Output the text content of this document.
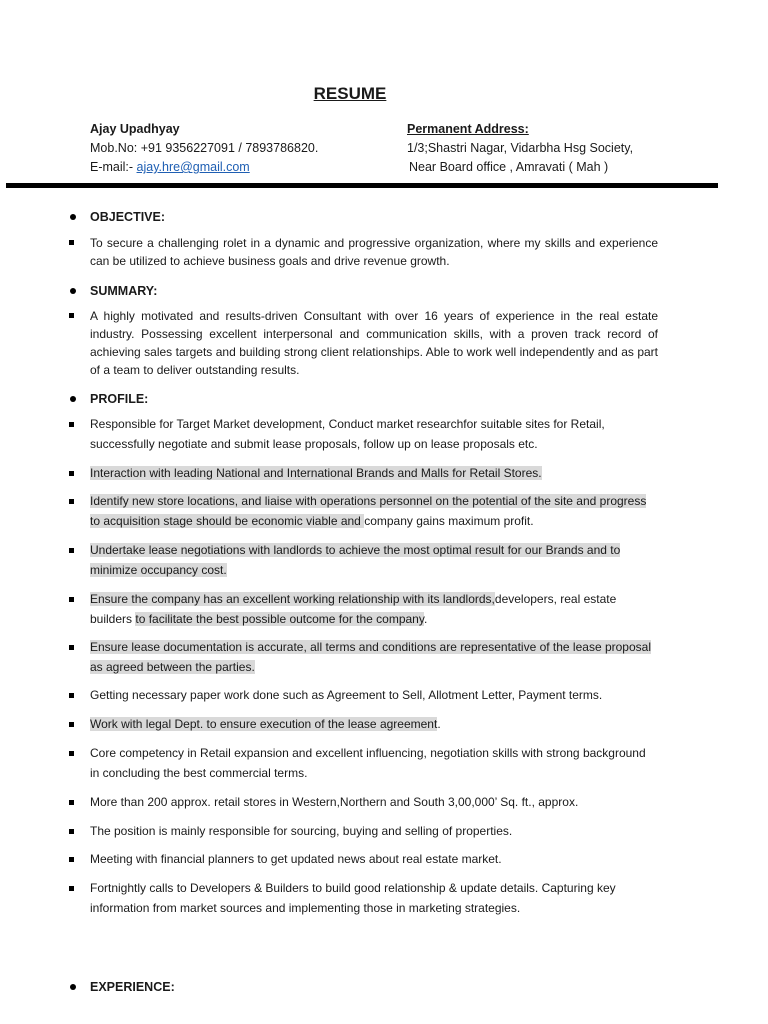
RESUME
Ajay Upadhyay
Mob.No: +91 9356227091 / 7893786820.
E-mail:- ajay.hre@gmail.com
Permanent Address:
1/3;Shastri Nagar, Vidarbha Hsg Society,
Near Board office , Amravati ( Mah )
OBJECTIVE:
To secure a challenging rolet in a dynamic and progressive organization, where my skills and experience can be utilized to achieve business goals and drive revenue growth.
SUMMARY:
A highly motivated and results-driven Consultant with over 16 years of experience in the real estate industry. Possessing excellent interpersonal and communication skills, with a proven track record of achieving sales targets and building strong client relationships. Able to work well independently and as part of a team to deliver outstanding results.
PROFILE:
Responsible for Target Market development, Conduct market researchfor suitable sites for Retail, successfully negotiate and submit lease proposals, follow up on lease proposals etc.
Interaction with leading National and International Brands and Malls for Retail Stores.
Identify new store locations, and liaise with operations personnel on the potential of the site and progress to acquisition stage should be economic viable and company gains maximum profit.
Undertake lease negotiations with landlords to achieve the most optimal result for our Brands and to minimize occupancy cost.
Ensure the company has an excellent working relationship with its landlords,developers, real estate builders to facilitate the best possible outcome for the company.
Ensure lease documentation is accurate, all terms and conditions are representative of the lease proposal as agreed between the parties.
Getting necessary paper work done such as Agreement to Sell, Allotment Letter, Payment terms.
Work with legal Dept. to ensure execution of the lease agreement.
Core competency in Retail expansion and excellent influencing, negotiation skills with strong background in concluding the best commercial terms.
More than 200 approx. retail stores in Western,Northern and South 3,00,000’ Sq. ft., approx.
The position is mainly responsible for sourcing, buying and selling of properties.
Meeting with financial planners to get updated news about real estate market.
Fortnightly calls to Developers & Builders to build good relationship & update details. Capturing key information from market sources and implementing those in marketing strategies.
EXPERIENCE:
